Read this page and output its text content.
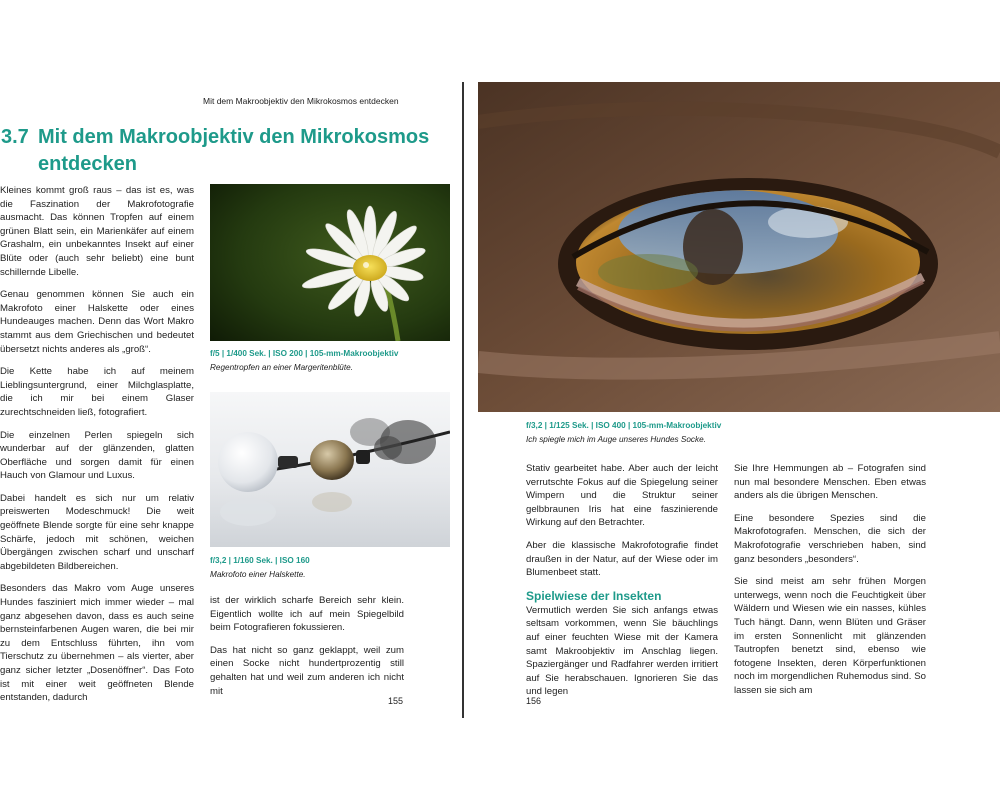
Mit dem Makroobjektiv den Mikrokosmos entdecken
3.7 Mit dem Makroobjektiv den Mikrokosmos entdecken

Kleines kommt groß raus – das ist es, was die Faszination der Makrofotografie ausmacht. Das können Tropfen auf einem grünen Blatt sein, ein Marienkäfer auf einem Grashalm, ein unbekanntes Insekt auf einer Blüte oder (auch sehr beliebt) eine bunt schillernde Libelle.

Genau genommen können Sie auch ein Makrofoto einer Halskette oder eines Hundeauges machen. Denn das Wort Makro stammt aus dem Griechischen und bedeutet übersetzt nichts anderes als „groß“.

Die Kette habe ich auf meinem Lieblingsuntergrund, einer Milchglasplatte, die ich mir bei einem Glaser zurechtschneiden ließ, fotografiert.

Die einzelnen Perlen spiegeln sich wunderbar auf der glänzenden, glatten Oberfläche und sorgen damit für einen Hauch von Glamour und Luxus.

Dabei handelt es sich nur um relativ preiswerten Modeschmuck! Die weit geöffnete Blende sorgte für eine sehr knappe Schärfe, jedoch mit schönen, weichen Übergängen zwischen scharf und unscharf abgebildeten Bildbereichen.

Besonders das Makro vom Auge unseres Hundes fasziniert mich immer wieder – mal ganz abgesehen davon, dass es auch seine bernsteinfarbenen Augen waren, die bei mir zu dem Entschluss führten, ihn vom Tierschutz zu übernehmen – als vierter, aber ganz sicher letzter „Dosenöffner“. Das Foto ist mit einer weit geöffneten Blende entstanden, dadurch

f/5 | 1/400 Sek. | ISO 200 | 105-mm-Makroobjektiv
Regentropfen an einer Margeritenblüte.
f/3,2 | 1/160 Sek. | ISO 160
Makrofoto einer Halskette.

ist der wirklich scharfe Bereich sehr klein. Eigentlich wollte ich auf mein Spiegelbild beim Fotografieren fokussieren.

Das hat nicht so ganz geklappt, weil zum einen Socke nicht hundertprozentig still gehalten hat und weil zum anderen ich nicht mit

155
f/3,2 | 1/125 Sek. | ISO 400 | 105-mm-Makroobjektiv
Ich spiegle mich im Auge unseres Hundes Socke.

Stativ gearbeitet habe. Aber auch der leicht verrutschte Fokus auf die Spiegelung seiner Wimpern und die Struktur seiner gelbbraunen Iris hat eine faszinierende Wirkung auf den Betrachter.

Aber die klassische Makrofotografie findet draußen in der Natur, auf der Wiese oder im Blumenbeet statt.

Spielwiese der Insekten

Vermutlich werden Sie sich anfangs etwas seltsam vorkommen, wenn Sie bäuchlings auf einer feuchten Wiese mit der Kamera samt Makroobjektiv im Anschlag liegen. Spaziergänger und Radfahrer werden irritiert auf Sie herabschauen. Ignorieren Sie das und legen

Sie Ihre Hemmungen ab – Fotografen sind nun mal besondere Menschen. Eben etwas anders als die übrigen Menschen.

Eine besondere Spezies sind die Makrofotografen. Menschen, die sich der Makrofotografie verschrieben haben, sind ganz besonders „besonders“.

Sie sind meist am sehr frühen Morgen unterwegs, wenn noch die Feuchtigkeit über Wäldern und Wiesen wie ein nasses, kühles Tuch hängt. Dann, wenn Blüten und Gräser im ersten Sonnenlicht mit glänzenden Tautropfen benetzt sind, ebenso wie fotogene Insekten, deren Körperfunktionen noch im morgendlichen Ruhemodus sind. So lassen sie sich am

156
